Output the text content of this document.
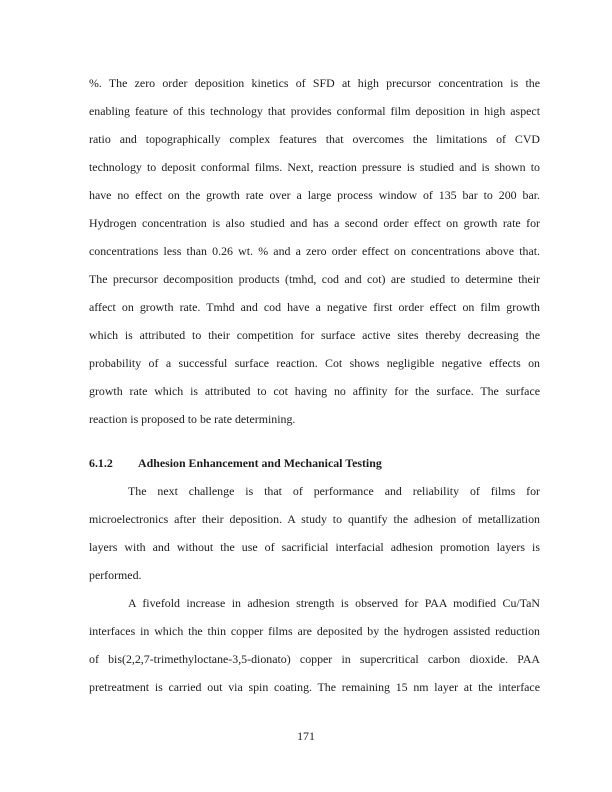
%. The zero order deposition kinetics of SFD at high precursor concentration is the
enabling feature of this technology that provides conformal film deposition in high aspect
ratio and topographically complex features that overcomes the limitations of CVD
technology to deposit conformal films. Next, reaction pressure is studied and is shown to
have no effect on the growth rate over a large process window of 135 bar to 200 bar.
Hydrogen concentration is also studied and has a second order effect on growth rate for
concentrations less than 0.26 wt. % and a zero order effect on concentrations above that.
The precursor decomposition products (tmhd, cod and cot) are studied to determine their
affect on growth rate. Tmhd and cod have a negative first order effect on film growth
which is attributed to their competition for surface active sites thereby decreasing the
probability of a successful surface reaction. Cot shows negligible negative effects on
growth rate which is attributed to cot having no affinity for the surface. The surface
reaction is proposed to be rate determining.
6.1.2 Adhesion Enhancement and Mechanical Testing
The next challenge is that of performance and reliability of films for
microelectronics after their deposition. A study to quantify the adhesion of metallization
layers with and without the use of sacrificial interfacial adhesion promotion layers is
performed.
A fivefold increase in adhesion strength is observed for PAA modified Cu/TaN
interfaces in which the thin copper films are deposited by the hydrogen assisted reduction
of bis(2,2,7-trimethyloctane-3,5-dionato) copper in supercritical carbon dioxide. PAA
pretreatment is carried out via spin coating. The remaining 15 nm layer at the interface
171
